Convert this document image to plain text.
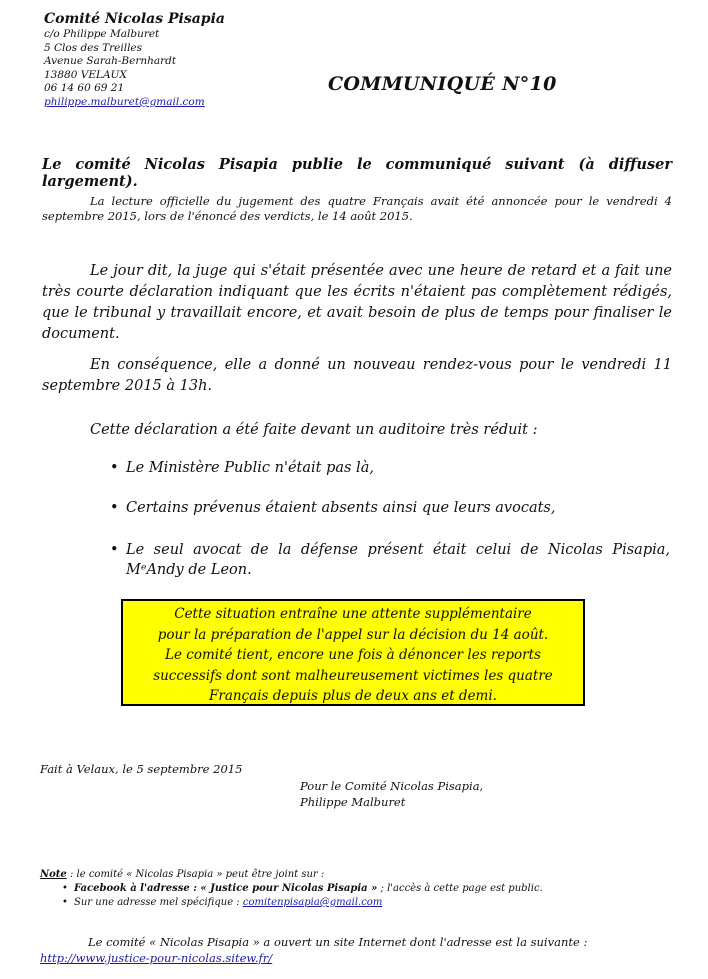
Comité Nicolas Pisapia
c/o Philippe Malburet
5 Clos des Treilles
Avenue Sarah-Bernhardt
13880 VELAUX
06 14 60 69 21
philippe.malburet@gmail.com
COMMUNIQUÉ N°10
Le comité Nicolas Pisapia publie le communiqué suivant (à diffuser largement).
La lecture officielle du jugement des quatre Français avait été annoncée pour le vendredi 4 septembre 2015, lors de l'énoncé des verdicts, le 14 août 2015.
Le jour dit, la juge qui s'était présentée avec une heure de retard et a fait une très courte déclaration indiquant que les écrits n'étaient pas complètement rédigés, que le tribunal y travaillait encore, et avait besoin de plus de temps pour finaliser le document.
En conséquence, elle a donné un nouveau rendez-vous pour le vendredi 11 septembre 2015 à 13h.
Cette déclaration a été faite devant un auditoire très réduit :
• Le Ministère Public n'était pas là,
• Certains prévenus étaient absents ainsi que leurs avocats,
• Le seul avocat de la défense présent était celui de Nicolas Pisapia, MᵉAndy de Leon.
Cette situation entraîne une attente supplémentaire
pour la préparation de l'appel sur la décision du 14 août.
Le comité tient, encore une fois à dénoncer les reports
successifs dont sont malheureusement victimes les quatre
Français depuis plus de deux ans et demi.
Fait à Velaux, le 5 septembre 2015
Pour le Comité Nicolas Pisapia,
Philippe Malburet
Note : le comité « Nicolas Pisapia » peut être joint sur :
• Facebook à l'adresse : « Justice pour Nicolas Pisapia » ; l'accès à cette page est public.
• Sur une adresse mel spécifique : comitenpisapia@gmail.com
Le comité « Nicolas Pisapia » a ouvert un site Internet dont l'adresse est la suivante :
http://www.justice-pour-nicolas.sitew.fr/
